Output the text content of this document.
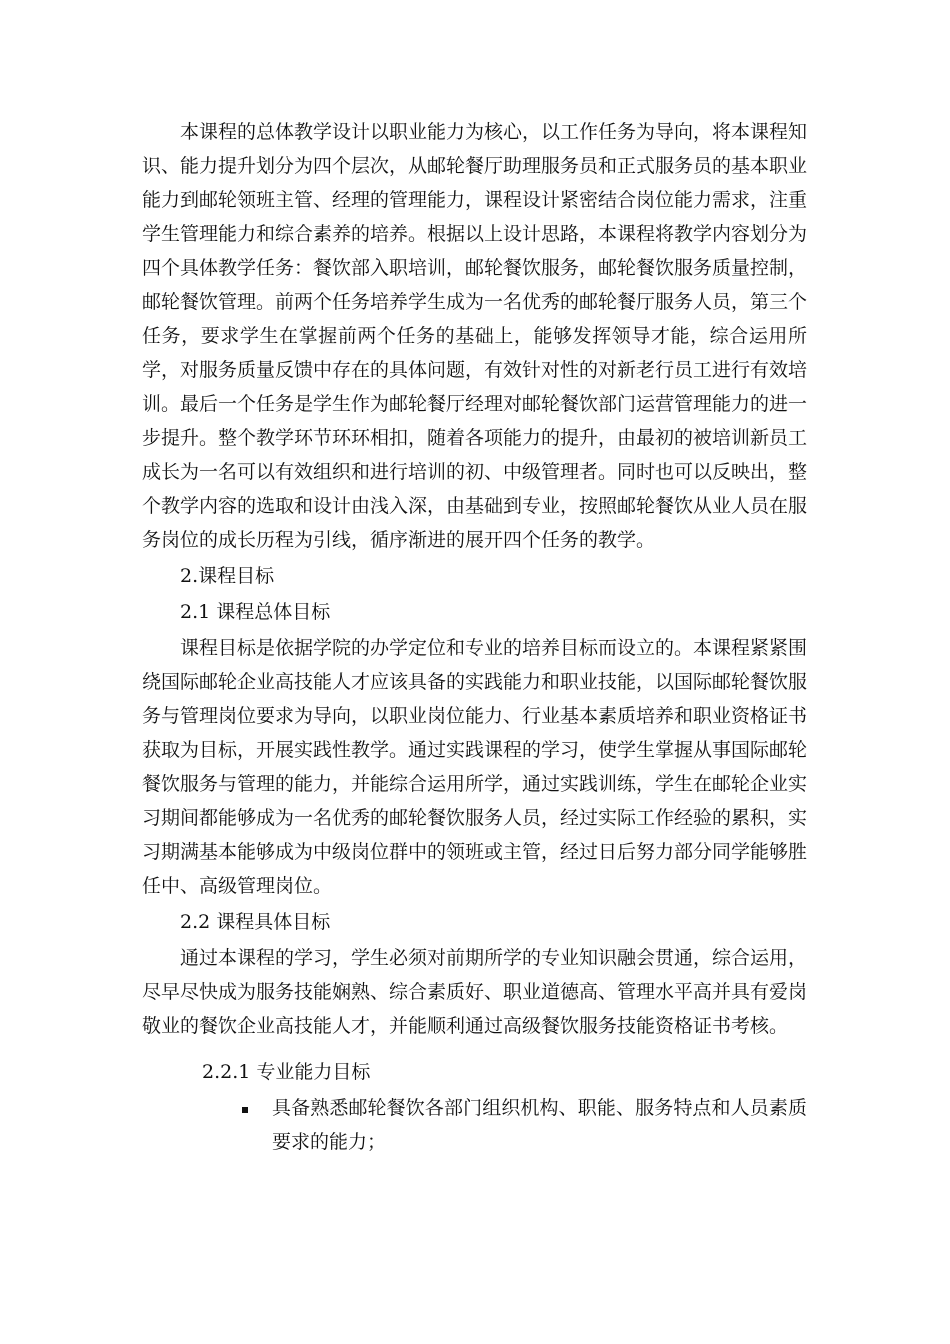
本课程的总体教学设计以职业能力为核心，以工作任务为导向，将本课程知识、能力提升划分为四个层次，从邮轮餐厅助理服务员和正式服务员的基本职业能力到邮轮领班主管、经理的管理能力，课程设计紧密结合岗位能力需求，注重学生管理能力和综合素养的培养。根据以上设计思路，本课程将教学内容划分为四个具体教学任务：餐饮部入职培训，邮轮餐饮服务，邮轮餐饮服务质量控制，邮轮餐饮管理。前两个任务培养学生成为一名优秀的邮轮餐厅服务人员，第三个任务，要求学生在掌握前两个任务的基础上，能够发挥领导才能，综合运用所学，对服务质量反馈中存在的具体问题，有效针对性的对新老行员工进行有效培训。最后一个任务是学生作为邮轮餐厅经理对邮轮餐饮部门运营管理能力的进一步提升。整个教学环节环环相扣，随着各项能力的提升，由最初的被培训新员工成长为一名可以有效组织和进行培训的初、中级管理者。同时也可以反映出，整个教学内容的选取和设计由浅入深，由基础到专业，按照邮轮餐饮从业人员在服务岗位的成长历程为引线，循序渐进的展开四个任务的教学。

2.课程目标

2.1 课程总体目标

课程目标是依据学院的办学定位和专业的培养目标而设立的。本课程紧紧围绕国际邮轮企业高技能人才应该具备的实践能力和职业技能，以国际邮轮餐饮服务与管理岗位要求为导向，以职业岗位能力、行业基本素质培养和职业资格证书获取为目标，开展实践性教学。通过实践课程的学习，使学生掌握从事国际邮轮餐饮服务与管理的能力，并能综合运用所学，通过实践训练，学生在邮轮企业实习期间都能够成为一名优秀的邮轮餐饮服务人员，经过实际工作经验的累积，实习期满基本能够成为中级岗位群中的领班或主管，经过日后努力部分同学能够胜任中、高级管理岗位。

2.2 课程具体目标

通过本课程的学习，学生必须对前期所学的专业知识融会贯通，综合运用，尽早尽快成为服务技能娴熟、综合素质好、职业道德高、管理水平高并具有爱岗敬业的餐饮企业高技能人才，并能顺利通过高级餐饮服务技能资格证书考核。

2.2.1 专业能力目标

具备熟悉邮轮餐饮各部门组织机构、职能、服务特点和人员素质要求的能力；
